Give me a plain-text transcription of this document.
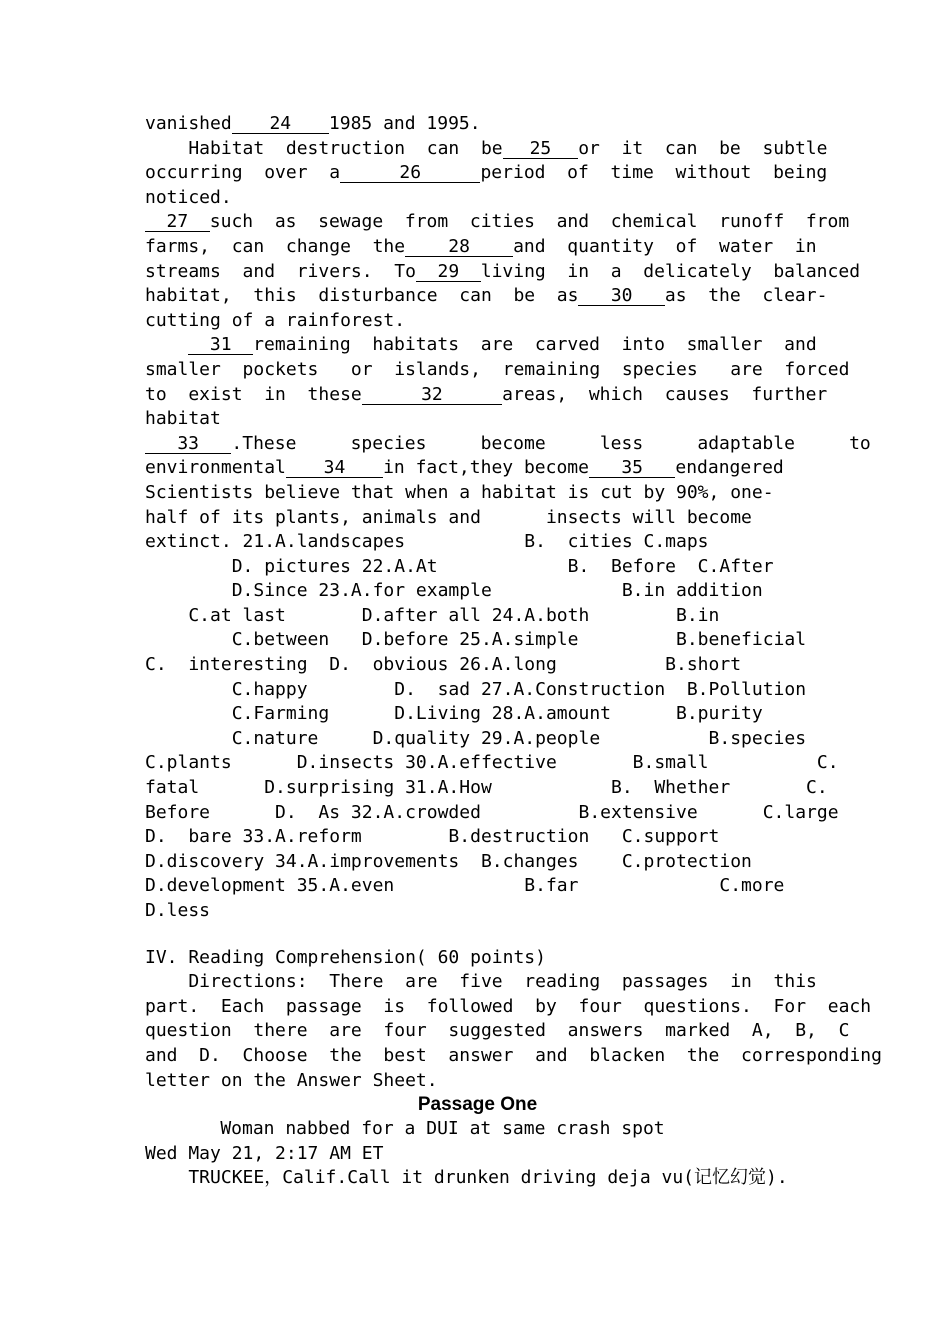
vanished 24 1985 and 1995.
Habitat  destruction  can  be 25 or  it  can  be  subtle
occurring  over  a	26	period  of  time  without  being
noticed.
27 such  as  sewage  from  cities  and  chemical  runoff  from
farms,  can  change  the 28 and  quantity  of  water  in
streams  and  rivers.  To 29 living  in  a  delicately  balanced
habitat,  this  disturbance  can  be  as 30 as  the  clear-
cutting of a rainforest.
31 remaining  habitats  are  carved  into  smaller  and
smaller  pockets   or  islands,  remaining  species   are  forced
to  exist  in  these	32	areas,  which  causes  further
habitat
33 .These     species     become     less     adaptable     to
environmental 34 in fact,they become 35 endangered
Scientists believe that when a habitat is cut by 90%, one-
half of its plants, animals and      insects will become
extinct. 21.A.landscapes           B.  cities C.maps
D. pictures 22.A.At            B.  Before  C.After
D.Since 23.A.for example            B.in addition
C.at last       D.after all 24.A.both        B.in
C.between   D.before 25.A.simple         B.beneficial
C.  interesting  D.  obvious 26.A.long          B.short
C.happy        D.  sad 27.A.Construction  B.Pollution
C.Farming      D.Living 28.A.amount      B.purity
C.nature     D.quality 29.A.people          B.species
C.plants      D.insects 30.A.effective       B.small          C.
fatal      D.surprising 31.A.How           B.  Whether       C.
Before      D.  As 32.A.crowded         B.extensive      C.large
D.  bare 33.A.reform        B.destruction   C.support
D.discovery 34.A.improvements  B.changes    C.protection
D.development 35.A.even            B.far             C.more
D.less
IV. Reading Comprehension( 60 points)
Directions:  There  are  five  reading  passages  in  this
part.  Each  passage  is  followed  by  four  questions.  For  each
question  there  are  four  suggested  answers  marked  A,  B,  C
and  D.  Choose  the  best  answer  and  blacken  the  corresponding
letter on the Answer Sheet.
Passage One
Woman nabbed for a DUI at same crash spot
Wed May 21, 2:17 AM ET
TRUCKEE，Calif.Call it drunken driving deja vu(记忆幻觉).
